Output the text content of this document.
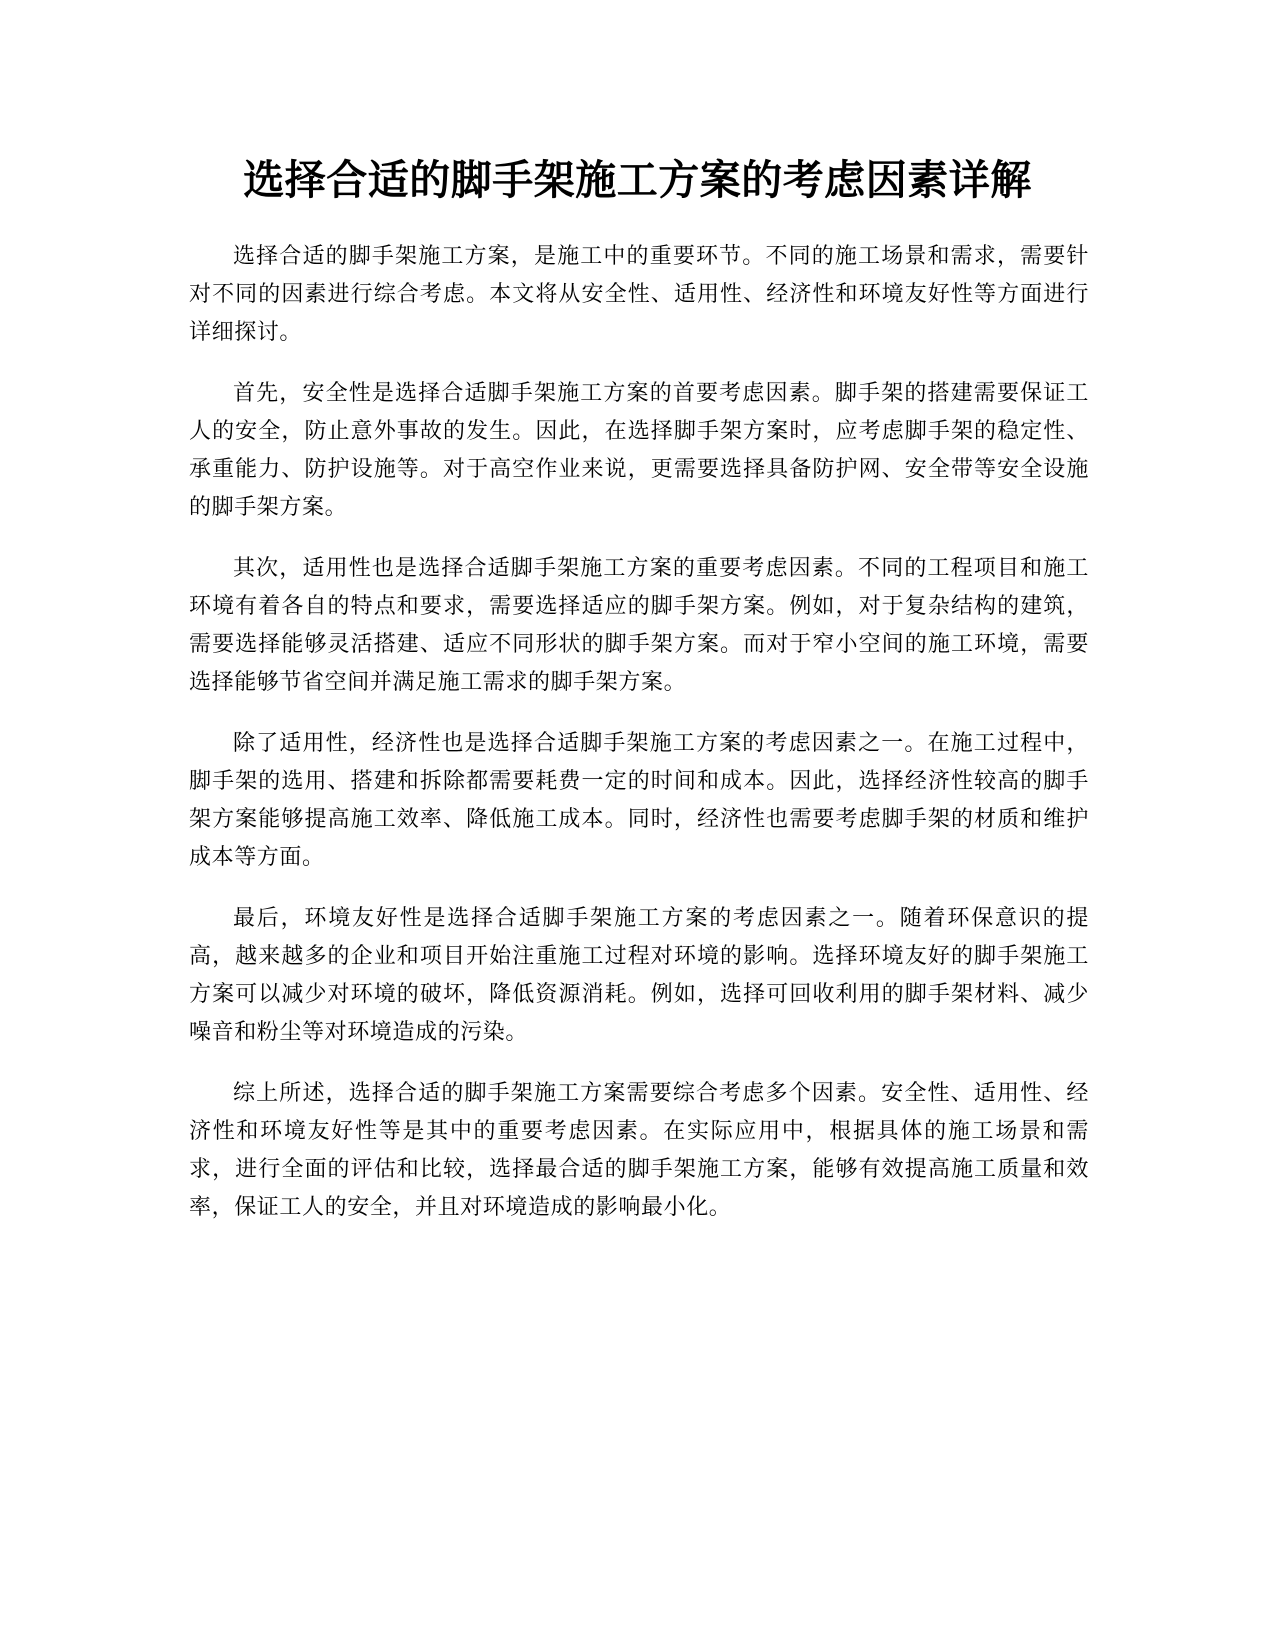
选择合适的脚手架施工方案的考虑因素详解

选择合适的脚手架施工方案，是施工中的重要环节。不同的施工场景和需求，需要针对不同的因素进行综合考虑。本文将从安全性、适用性、经济性和环境友好性等方面进行详细探讨。

首先，安全性是选择合适脚手架施工方案的首要考虑因素。脚手架的搭建需要保证工人的安全，防止意外事故的发生。因此，在选择脚手架方案时，应考虑脚手架的稳定性、承重能力、防护设施等。对于高空作业来说，更需要选择具备防护网、安全带等安全设施的脚手架方案。

其次，适用性也是选择合适脚手架施工方案的重要考虑因素。不同的工程项目和施工环境有着各自的特点和要求，需要选择适应的脚手架方案。例如，对于复杂结构的建筑，需要选择能够灵活搭建、适应不同形状的脚手架方案。而对于窄小空间的施工环境，需要选择能够节省空间并满足施工需求的脚手架方案。

除了适用性，经济性也是选择合适脚手架施工方案的考虑因素之一。在施工过程中，脚手架的选用、搭建和拆除都需要耗费一定的时间和成本。因此，选择经济性较高的脚手架方案能够提高施工效率、降低施工成本。同时，经济性也需要考虑脚手架的材质和维护成本等方面。

最后，环境友好性是选择合适脚手架施工方案的考虑因素之一。随着环保意识的提高，越来越多的企业和项目开始注重施工过程对环境的影响。选择环境友好的脚手架施工方案可以减少对环境的破坏，降低资源消耗。例如，选择可回收利用的脚手架材料、减少噪音和粉尘等对环境造成的污染。

综上所述，选择合适的脚手架施工方案需要综合考虑多个因素。安全性、适用性、经济性和环境友好性等是其中的重要考虑因素。在实际应用中，根据具体的施工场景和需求，进行全面的评估和比较，选择最合适的脚手架施工方案，能够有效提高施工质量和效率，保证工人的安全，并且对环境造成的影响最小化。
